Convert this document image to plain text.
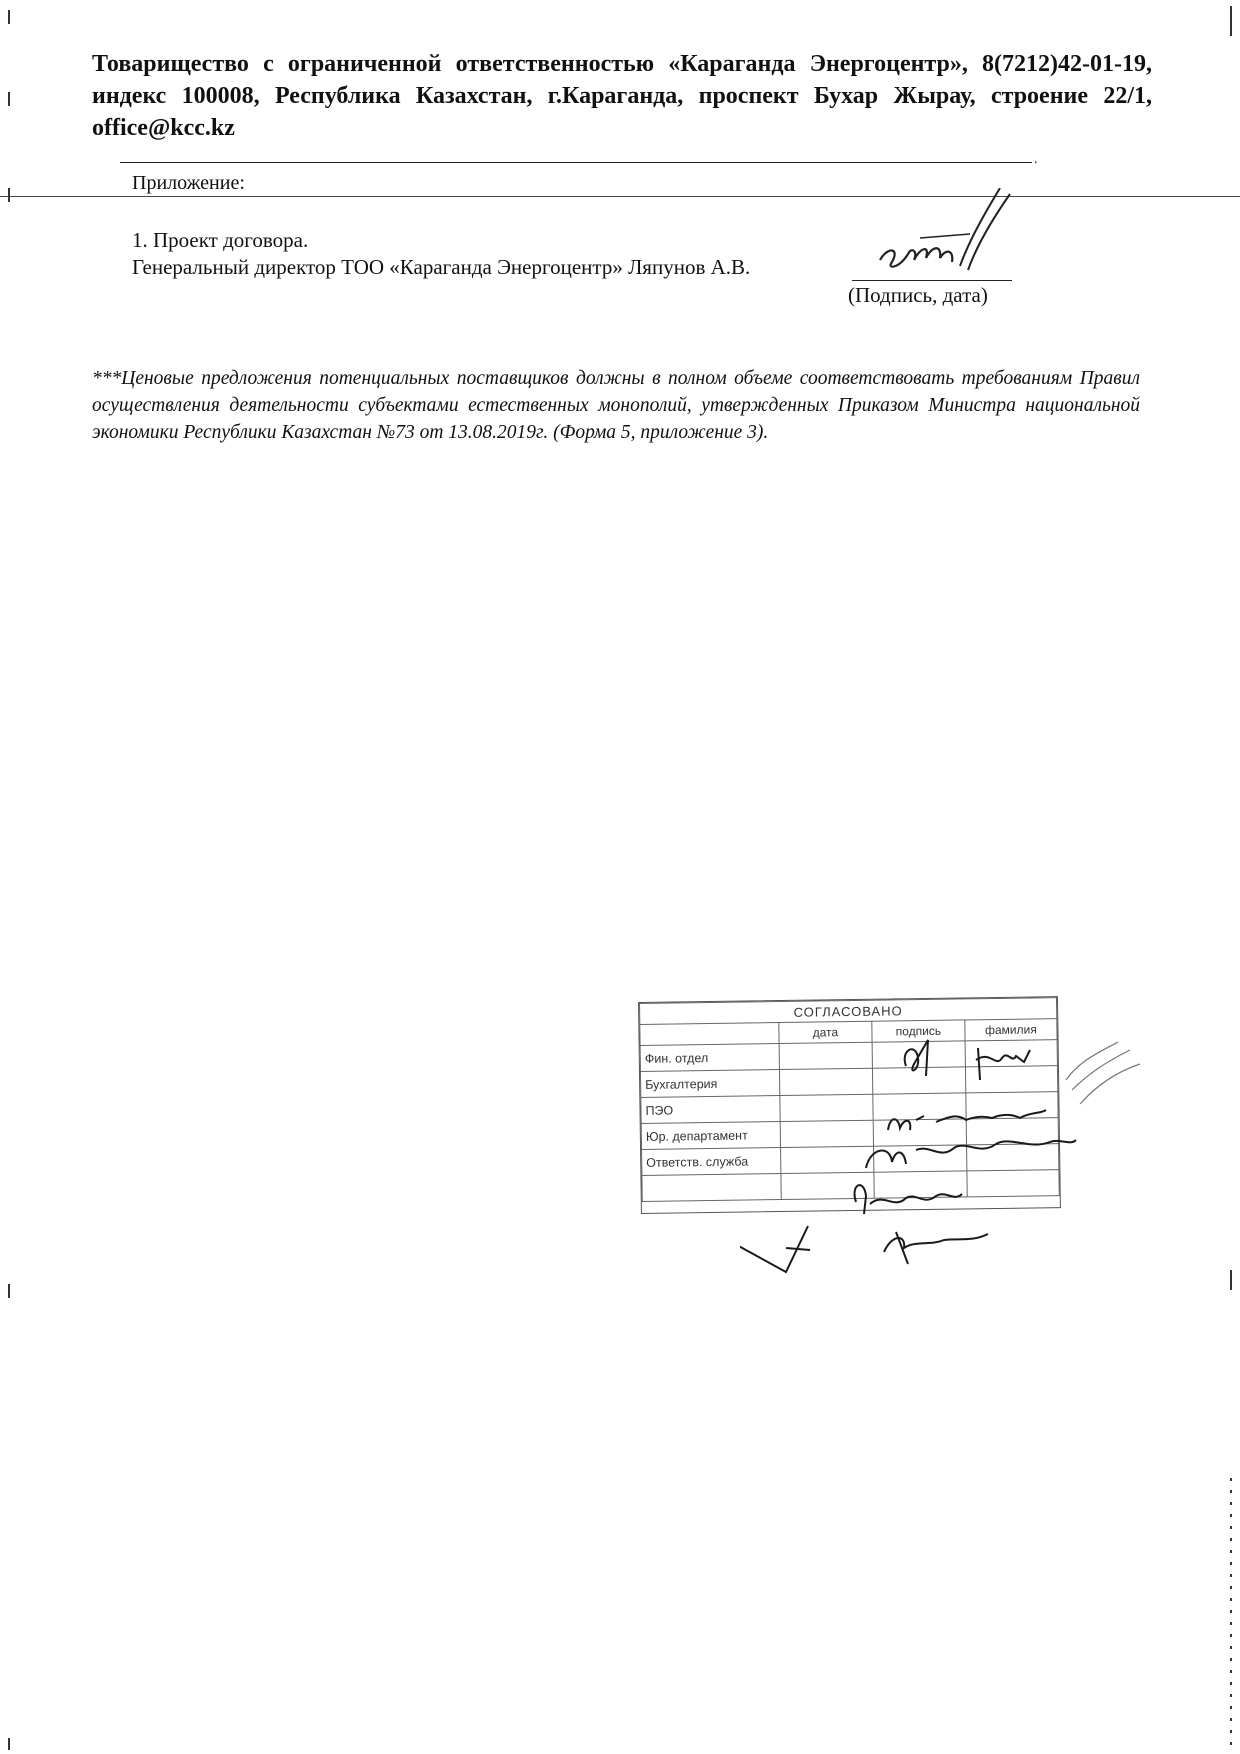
Товарищество с ограниченной ответственностью «Караганда Энергоцентр», 8(7212)42-01-19, индекс 100008, Республика Казахстан, г.Караганда, проспект Бухар Жырау, строение 22/1, office@kcc.kz
.
Приложение:
1. Проект договора.
Генеральный директор ТОО «Караганда Энергоцентр» Ляпунов А.В.
(Подпись, дата)
***Ценовые предложения потенциальных поставщиков должны в полном объеме соответствовать требованиям Правил осуществления деятельности субъектами естественных монополий, утвержденных Приказом Министра национальной экономики Республики Казахстан №73 от 13.08.2019г. (Форма 5, приложение 3).
СОГЛАСОВАНО			
	дата	подпись	фамилия
Фин. отдел			
Бухгалтерия			
ПЭО			
Юр. департамент			
Ответств. служба			
